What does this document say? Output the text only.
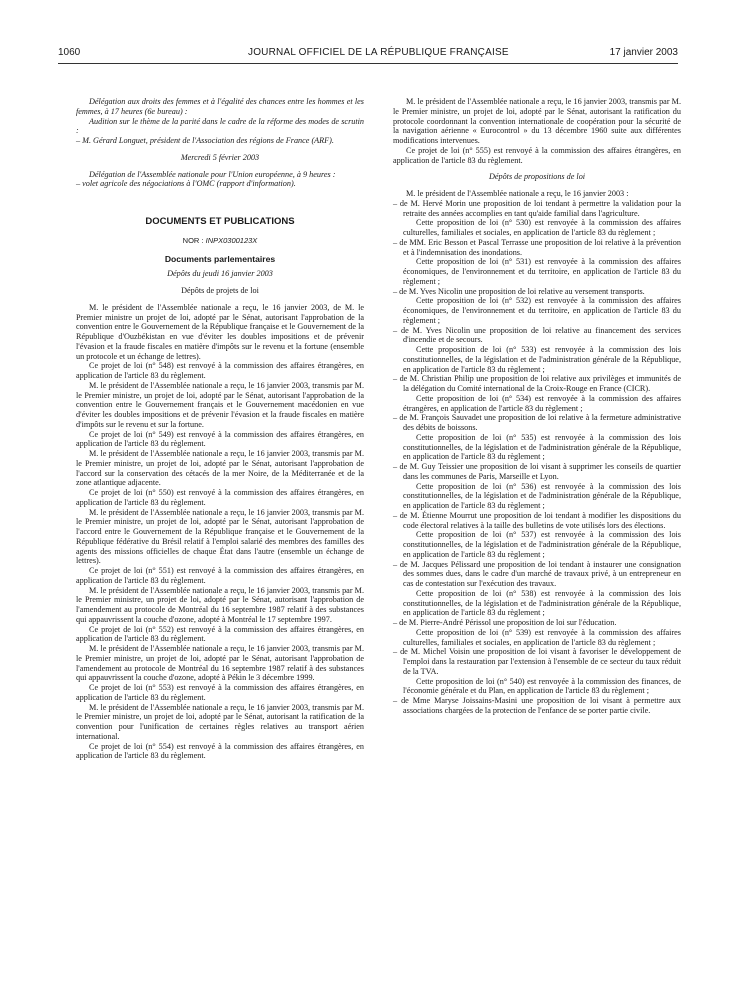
1060	JOURNAL OFFICIEL DE LA RÉPUBLIQUE FRANÇAISE	17 janvier 2003

Délégation aux droits des femmes et à l'égalité des chances entre les hommes et les femmes, à 17 heures (6e bureau) :

Audition sur le thème de la parité dans le cadre de la réforme des modes de scrutin :

– M. Gérard Longuet, président de l'Association des régions de France (ARF).

Mercredi 5 février 2003

Délégation de l'Assemblée nationale pour l'Union européenne, à 9 heures :

– volet agricole des négociations à l'OMC (rapport d'information).

DOCUMENTS ET PUBLICATIONS

NOR : INPX0300123X

Documents parlementaires

Dépôts du jeudi 16 janvier 2003

Dépôts de projets de loi

M. le président de l'Assemblée nationale a reçu, le 16 janvier 2003, de M. le Premier ministre un projet de loi, adopté par le Sénat, autorisant l'approbation de la convention entre le Gouvernement de la République française et le Gouvernement de la République d'Ouzbékistan en vue d'éviter les doubles impositions et de prévenir l'évasion et la fraude fiscales en matière d'impôts sur le revenu et la fortune (ensemble un protocole et un échange de lettres).

Ce projet de loi (n° 548) est renvoyé à la commission des affaires étrangères, en application de l'article 83 du règlement.

M. le président de l'Assemblée nationale a reçu, le 16 janvier 2003, transmis par M. le Premier ministre, un projet de loi, adopté par le Sénat, autorisant l'approbation de la convention entre le Gouvernement français et le Gouvernement macédonien en vue d'éviter les doubles impositions et de prévenir l'évasion et la fraude fiscales en matière d'impôts sur le revenu et sur la fortune.

Ce projet de loi (n° 549) est renvoyé à la commission des affaires étrangères, en application de l'article 83 du règlement.

M. le président de l'Assemblée nationale a reçu, le 16 janvier 2003, transmis par M. le Premier ministre, un projet de loi, adopté par le Sénat, autorisant l'approbation de l'accord sur la conservation des cétacés de la mer Noire, de la Méditerranée et de la zone atlantique adjacente.

Ce projet de loi (n° 550) est renvoyé à la commission des affaires étrangères, en application de l'article 83 du règlement.

M. le président de l'Assemblée nationale a reçu, le 16 janvier 2003, transmis par M. le Premier ministre, un projet de loi, adopté par le Sénat, autorisant l'approbation de l'accord entre le Gouvernement de la République française et le Gouvernement de la République fédérative du Brésil relatif à l'emploi salarié des membres des familles des agents des missions officielles de chaque État dans l'autre (ensemble un échange de lettres).

Ce projet de loi (n° 551) est renvoyé à la commission des affaires étrangères, en application de l'article 83 du règlement.

M. le président de l'Assemblée nationale a reçu, le 16 janvier 2003, transmis par M. le Premier ministre, un projet de loi, adopté par le Sénat, autorisant l'approbation de l'amendement au protocole de Montréal du 16 septembre 1987 relatif à des substances qui appauvrissent la couche d'ozone, adopté à Montréal le 17 septembre 1997.

Ce projet de loi (n° 552) est renvoyé à la commission des affaires étrangères, en application de l'article 83 du règlement.

M. le président de l'Assemblée nationale a reçu, le 16 janvier 2003, transmis par M. le Premier ministre, un projet de loi, adopté par le Sénat, autorisant l'approbation de l'amendement au protocole de Montréal du 16 septembre 1987 relatif à des substances qui appauvrissent la couche d'ozone, adopté à Pékin le 3 décembre 1999.

Ce projet de loi (n° 553) est renvoyé à la commission des affaires étrangères, en application de l'article 83 du règlement.

M. le président de l'Assemblée nationale a reçu, le 16 janvier 2003, transmis par M. le Premier ministre, un projet de loi, adopté par le Sénat, autorisant la ratification de la convention pour l'unification de certaines règles relatives au transport aérien international.

Ce projet de loi (n° 554) est renvoyé à la commission des affaires étrangères, en application de l'article 83 du règlement.

M. le président de l'Assemblée nationale a reçu, le 16 janvier 2003, transmis par M. le Premier ministre, un projet de loi, adopté par le Sénat, autorisant la ratification du protocole coordonnant la convention internationale de coopération pour la sécurité de la navigation aérienne « Eurocontrol » du 13 décembre 1960 suite aux différentes modifications intervenues.

Ce projet de loi (n° 555) est renvoyé à la commission des affaires étrangères, en application de l'article 83 du règlement.

Dépôts de propositions de loi

M. le président de l'Assemblée nationale a reçu, le 16 janvier 2003 :

– de M. Hervé Morin une proposition de loi tendant à permettre la validation pour la retraite des années accomplies en tant qu'aide familial dans l'agriculture.

Cette proposition de loi (n° 530) est renvoyée à la commission des affaires culturelles, familiales et sociales, en application de l'article 83 du règlement ;

– de MM. Eric Besson et Pascal Terrasse une proposition de loi relative à la prévention et à l'indemnisation des inondations.

Cette proposition de loi (n° 531) est renvoyée à la commission des affaires économiques, de l'environnement et du territoire, en application de l'article 83 du règlement ;

– de M. Yves Nicolin une proposition de loi relative au versement transports.

Cette proposition de loi (n° 532) est renvoyée à la commission des affaires économiques, de l'environnement et du territoire, en application de l'article 83 du règlement ;

– de M. Yves Nicolin une proposition de loi relative au financement des services d'incendie et de secours.

Cette proposition de loi (n° 533) est renvoyée à la commission des lois constitutionnelles, de la législation et de l'administration générale de la République, en application de l'article 83 du règlement ;

– de M. Christian Philip une proposition de loi relative aux privilèges et immunités de la délégation du Comité international de la Croix-Rouge en France (CICR).

Cette proposition de loi (n° 534) est renvoyée à la commission des affaires étrangères, en application de l'article 83 du règlement ;

– de M. François Sauvadet une proposition de loi relative à la fermeture administrative des débits de boissons.

Cette proposition de loi (n° 535) est renvoyée à la commission des lois constitutionnelles, de la législation et de l'administration générale de la République, en application de l'article 83 du règlement ;

– de M. Guy Teissier une proposition de loi visant à supprimer les conseils de quartier dans les communes de Paris, Marseille et Lyon.

Cette proposition de loi (n° 536) est renvoyée à la commission des lois constitutionnelles, de la législation et de l'administration générale de la République, en application de l'article 83 du règlement ;

– de M. Étienne Mourrut une proposition de loi tendant à modifier les dispositions du code électoral relatives à la taille des bulletins de vote utilisés lors des élections.

Cette proposition de loi (n° 537) est renvoyée à la commission des lois constitutionnelles, de la législation et de l'administration générale de la République, en application de l'article 83 du règlement ;

– de M. Jacques Pélissard une proposition de loi tendant à instaurer une consignation des sommes dues, dans le cadre d'un marché de travaux privé, à un entrepreneur en cas de contestation sur l'exécution des travaux.

Cette proposition de loi (n° 538) est renvoyée à la commission des lois constitutionnelles, de la législation et de l'administration générale de la République, en application de l'article 83 du règlement ;

– de M. Pierre-André Périssol une proposition de loi sur l'éducation.

Cette proposition de loi (n° 539) est renvoyée à la commission des affaires culturelles, familiales et sociales, en application de l'article 83 du règlement ;

– de M. Michel Voisin une proposition de loi visant à favoriser le développement de l'emploi dans la restauration par l'extension à l'ensemble de ce secteur du taux réduit de la TVA.

Cette proposition de loi (n° 540) est renvoyée à la commission des finances, de l'économie générale et du Plan, en application de l'article 83 du règlement ;

– de Mme Maryse Joissains-Masini une proposition de loi visant à permettre aux associations chargées de la protection de l'enfance de se porter partie civile.
